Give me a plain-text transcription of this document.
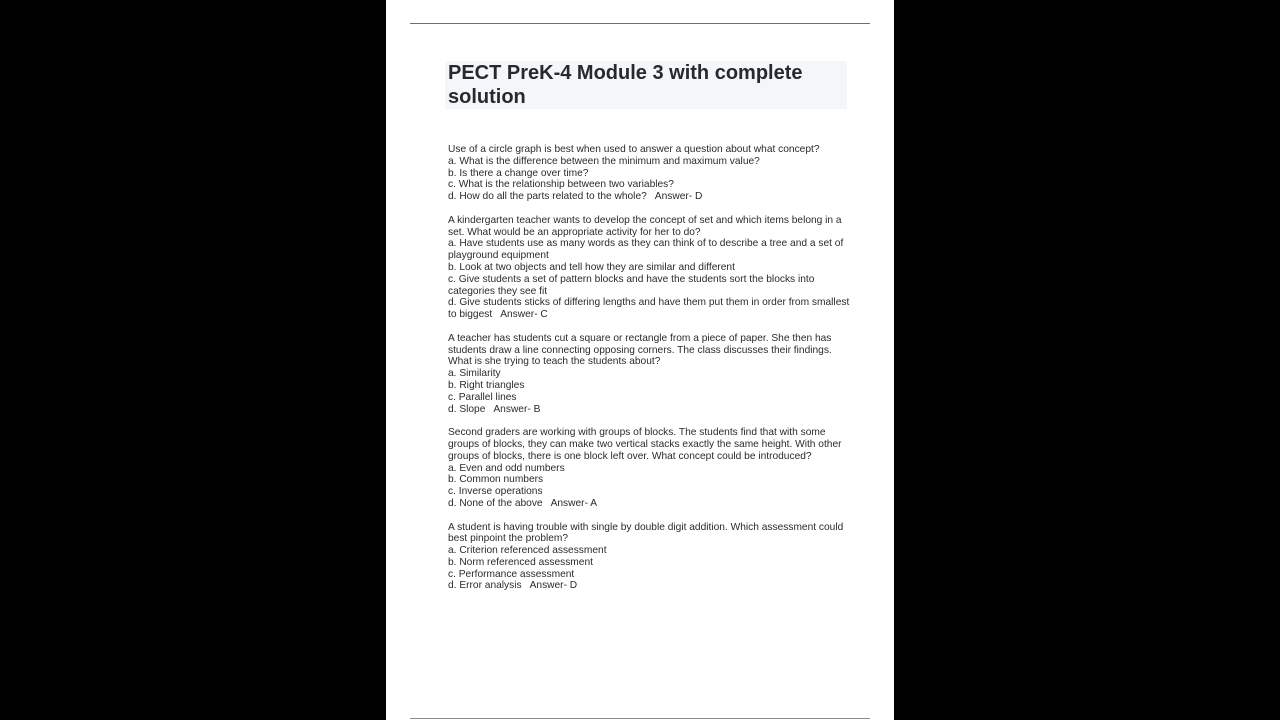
PECT PreK-4 Module 3 with complete solution

Use of a circle graph is best when used to answer a question about what concept?

a. What is the difference between the minimum and maximum value?

b. Is there a change over time?

c. What is the relationship between two variables?

d. How do all the parts related to the whole? Answer- D

A kindergarten teacher wants to develop the concept of set and which items belong in a set. What would be an appropriate activity for her to do?

a. Have students use as many words as they can think of to describe a tree and a set of playground equipment

b. Look at two objects and tell how they are similar and different

c. Give students a set of pattern blocks and have the students sort the blocks into categories they see fit

d. Give students sticks of differing lengths and have them put them in order from smallest to biggest Answer- C

A teacher has students cut a square or rectangle from a piece of paper. She then has students draw a line connecting opposing corners. The class discusses their findings. What is she trying to teach the students about?

a. Similarity

b. Right triangles

c. Parallel lines

d. Slope Answer- B

Second graders are working with groups of blocks. The students find that with some groups of blocks, they can make two vertical stacks exactly the same height. With other groups of blocks, there is one block left over. What concept could be introduced?

a. Even and odd numbers

b. Common numbers

c. Inverse operations

d. None of the above Answer- A

A student is having trouble with single by double digit addition. Which assessment could best pinpoint the problem?

a. Criterion referenced assessment

b. Norm referenced assessment

c. Performance assessment

d. Error analysis Answer- D
